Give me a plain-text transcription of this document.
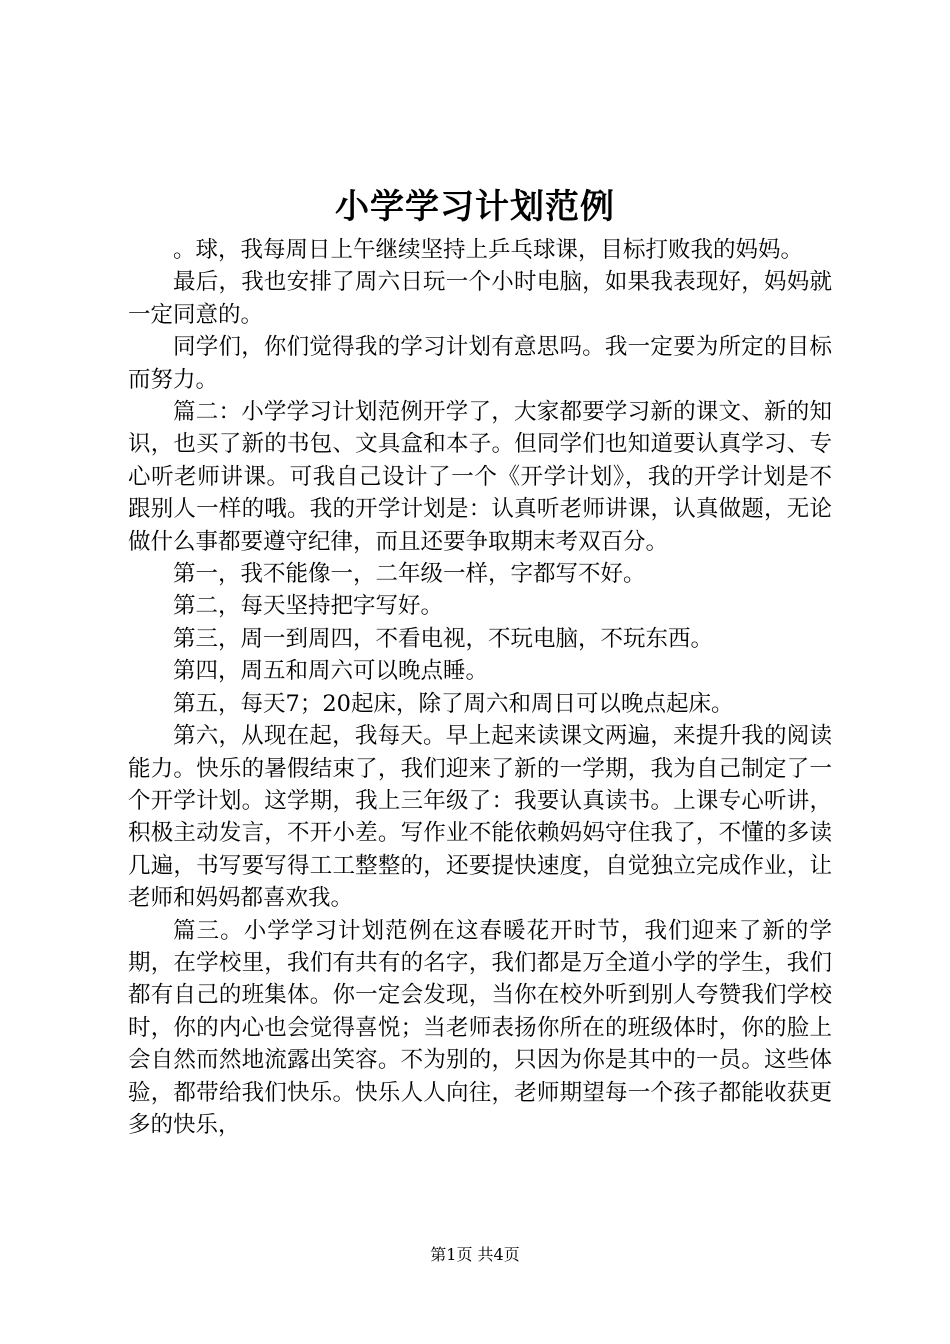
小学学习计划范例

。球，我每周日上午继续坚持上乒乓球课，目标打败我的妈妈。

最后，我也安排了周六日玩一个小时电脑，如果我表现好，妈妈就一定同意的。

同学们，你们觉得我的学习计划有意思吗。我一定要为所定的目标而努力。

篇二：小学学习计划范例开学了，大家都要学习新的课文、新的知识，也买了新的书包、文具盒和本子。但同学们也知道要认真学习、专心听老师讲课。可我自己设计了一个《开学计划》，我的开学计划是不跟别人一样的哦。我的开学计划是：认真听老师讲课，认真做题，无论做什么事都要遵守纪律，而且还要争取期末考双百分。

第一，我不能像一，二年级一样，字都写不好。

第二，每天坚持把字写好。

第三，周一到周四，不看电视，不玩电脑，不玩东西。

第四，周五和周六可以晚点睡。

第五，每天7；20起床，除了周六和周日可以晚点起床。

第六，从现在起，我每天。早上起来读课文两遍，来提升我的阅读能力。快乐的暑假结束了，我们迎来了新的一学期，我为自己制定了一个开学计划。这学期，我上三年级了：我要认真读书。上课专心听讲，积极主动发言，不开小差。写作业不能依赖妈妈守住我了，不懂的多读几遍，书写要写得工工整整的，还要提快速度，自觉独立完成作业，让老师和妈妈都喜欢我。

篇三。小学学习计划范例在这春暖花开时节，我们迎来了新的学期，在学校里，我们有共有的名字，我们都是万全道小学的学生，我们都有自己的班集体。你一定会发现，当你在校外听到别人夸赞我们学校时，你的内心也会觉得喜悦；当老师表扬你所在的班级体时，你的脸上会自然而然地流露出笑容。不为别的，只因为你是其中的一员。这些体验，都带给我们快乐。快乐人人向往，老师期望每一个孩子都能收获更多的快乐，

第1页 共4页
